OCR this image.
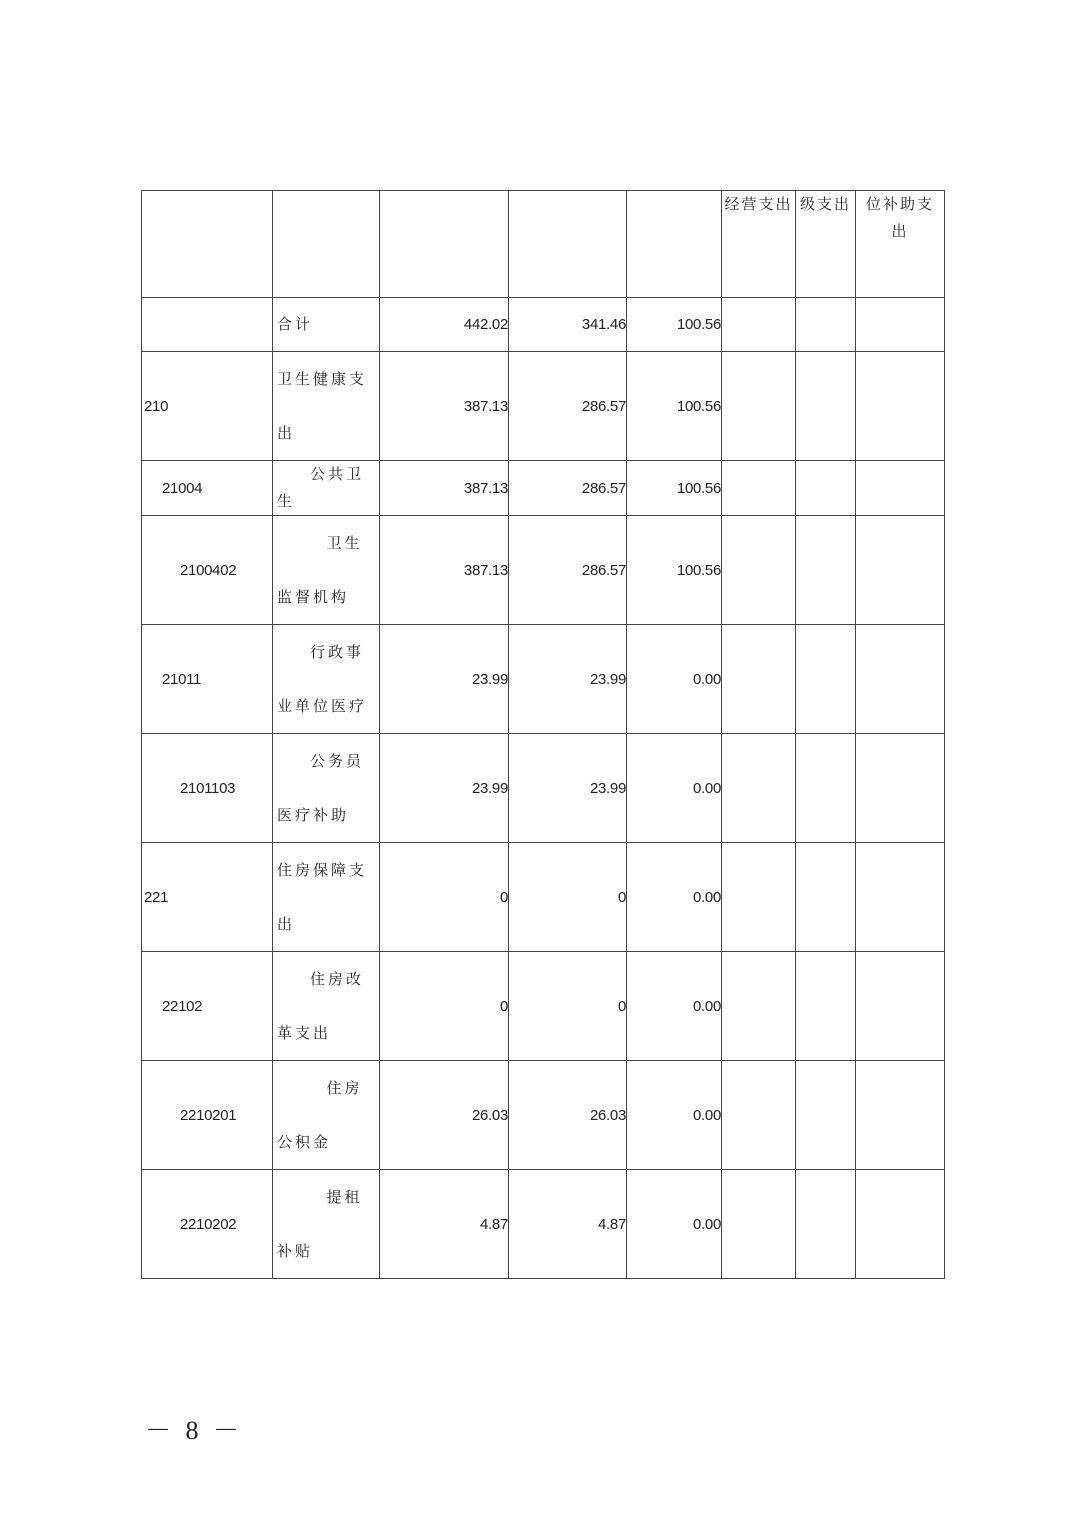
					经营支出	级支出	位补助支出
	合计	442.02	341.46	100.56			
210	卫生健康支出	387.13	286.57	100.56			
21004	公共卫生	387.13	286.57	100.56			
2100402	卫生监督机构	387.13	286.57	100.56			
21011	行政事业单位医疗	23.99	23.99	0.00			
2101103	公务员医疗补助	23.99	23.99	0.00			
221	住房保障支出	0	0	0.00			
22102	住房改革支出	0	0	0.00			
2210201	住房公积金	26.03	26.03	0.00			
2210202	提租补贴	4.87	4.87	0.00			
－ 8 －
